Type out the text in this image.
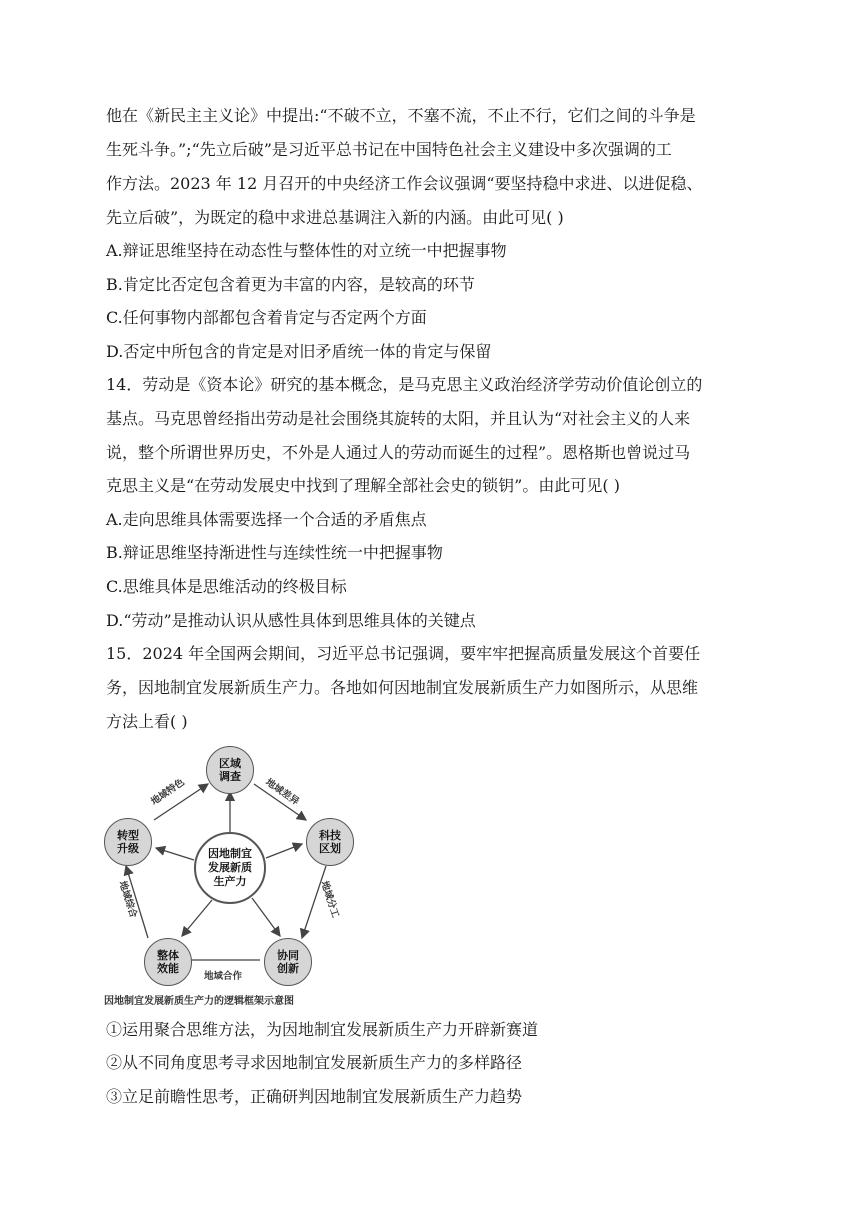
他在《新民主主义论》中提出:“不破不立，不塞不流，不止不行，它们之间的斗争是
生死斗争。”;“先立后破”是习近平总书记在中国特色社会主义建设中多次强调的工
作方法。2023 年 12 月召开的中央经济工作会议强调“要坚持稳中求进、以进促稳、
先立后破”，为既定的稳中求进总基调注入新的内涵。由此可见( )
A.辩证思维坚持在动态性与整体性的对立统一中把握事物
B.肯定比否定包含着更为丰富的内容，是较高的环节
C.任何事物内部都包含着肯定与否定两个方面
D.否定中所包含的肯定是对旧矛盾统一体的肯定与保留
14．劳动是《资本论》研究的基本概念，是马克思主义政治经济学劳动价值论创立的
基点。马克思曾经指出劳动是社会围绕其旋转的太阳，并且认为“对社会主义的人来
说，整个所谓世界历史，不外是人通过人的劳动而诞生的过程”。恩格斯也曾说过马
克思主义是“在劳动发展史中找到了理解全部社会史的锁钥”。由此可见( )
A.走向思维具体需要选择一个合适的矛盾焦点
B.辩证思维坚持渐进性与连续性统一中把握事物
C.思维具体是思维活动的终极目标
D.“劳动”是推动认识从感性具体到思维具体的关键点
15．2024 年全国两会期间，习近平总书记强调，要牢牢把握高质量发展这个首要任
务，因地制宜发展新质生产力。各地如何因地制宜发展新质生产力如图所示，从思维
方法上看( )
区域调查
科技区划
协同创新
整体效能
转型升级	因地制宜发展新质生产力
地域差异
地域分工
地域合作
地域综合
地域特色
因地制宜发展新质生产力的逻辑框架示意图
①运用聚合思维方法，为因地制宜发展新质生产力开辟新赛道
②从不同角度思考寻求因地制宜发展新质生产力的多样路径
③立足前瞻性思考，正确研判因地制宜发展新质生产力趋势
